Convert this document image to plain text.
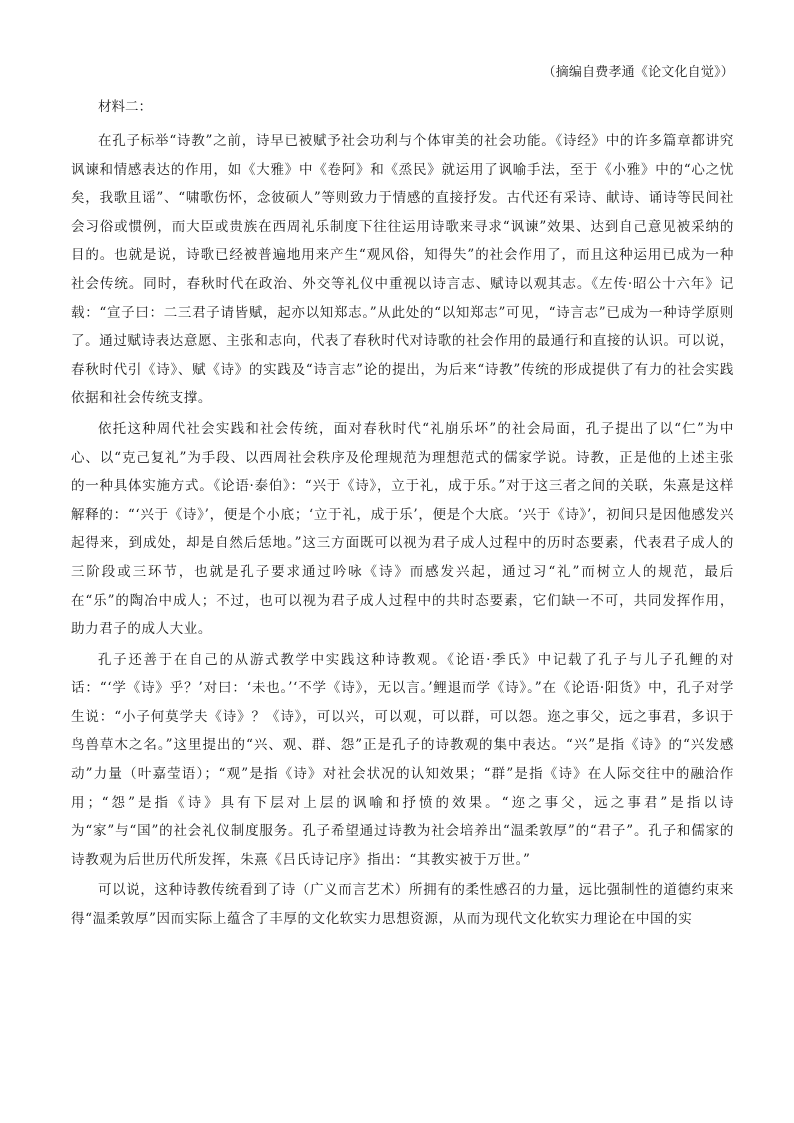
（摘编自费孝通《论文化自觉》）

材料二：

在孔子标举“诗教”之前，诗早已被赋予社会功利与个体审美的社会功能。《诗经》中的许多篇章都讲究讽谏和情感表达的作用，如《大雅》中《卷阿》和《烝民》就运用了讽喻手法，至于《小雅》中的“心之忧矣，我歌且谣”、“啸歌伤怀，念彼硕人”等则致力于情感的直接抒发。古代还有采诗、献诗、诵诗等民间社会习俗或惯例，而大臣或贵族在西周礼乐制度下往往运用诗歌来寻求“讽谏”效果、达到自己意见被采纳的目的。也就是说，诗歌已经被普遍地用来产生“观风俗，知得失”的社会作用了，而且这种运用已成为一种社会传统。同时，春秋时代在政治、外交等礼仪中重视以诗言志、赋诗以观其志。《左传·昭公十六年》记载：“宣子曰：二三君子请皆赋，起亦以知郑志。”从此处的“以知郑志”可见，“诗言志”已成为一种诗学原则了。通过赋诗表达意愿、主张和志向，代表了春秋时代对诗歌的社会作用的最通行和直接的认识。可以说，春秋时代引《诗》、赋《诗》的实践及“诗言志”论的提出，为后来“诗教”传统的形成提供了有力的社会实践依据和社会传统支撑。

依托这种周代社会实践和社会传统，面对春秋时代“礼崩乐坏”的社会局面，孔子提出了以“仁”为中心、以“克己复礼”为手段、以西周社会秩序及伦理规范为理想范式的儒家学说。诗教，正是他的上述主张的一种具体实施方式。《论语·泰伯》：“兴于《诗》，立于礼，成于乐。”对于这三者之间的关联，朱熹是这样解释的：“‘兴于《诗》’，便是个小底；‘立于礼，成于乐’，便是个大底。‘兴于《诗》’，初间只是因他感发兴起得来，到成处，却是自然后恁地。”这三方面既可以视为君子成人过程中的历时态要素，代表君子成人的三阶段或三环节，也就是孔子要求通过吟咏《诗》而感发兴起，通过习“礼”而树立人的规范，最后在“乐”的陶冶中成人；不过，也可以视为君子成人过程中的共时态要素，它们缺一不可，共同发挥作用，助力君子的成人大业。

孔子还善于在自己的从游式教学中实践这种诗教观。《论语·季氏》中记载了孔子与儿子孔鲤的对话：“‘学《诗》乎？’对曰：‘未也。’‘不学《诗》，无以言。’鲤退而学《诗》。”在《论语·阳货》中，孔子对学生说：“小子何莫学夫《诗》？《诗》，可以兴，可以观，可以群，可以怨。迩之事父，远之事君，多识于鸟兽草木之名。”这里提出的“兴、观、群、怨”正是孔子的诗教观的集中表达。“兴”是指《诗》的“兴发感动”力量（叶嘉莹语）；“观”是指《诗》对社会状况的认知效果；“群”是指《诗》在人际交往中的融洽作用；“怨”是指《诗》具有下层对上层的讽喻和抒愤的效果。“迩之事父，远之事君”是指以诗为“家”与“国”的社会礼仪制度服务。孔子希望通过诗教为社会培养出“温柔敦厚”的“君子”。孔子和儒家的诗教观为后世历代所发挥，朱熹《吕氏诗记序》指出：“其教实被于万世。”

可以说，这种诗教传统看到了诗（广义而言艺术）所拥有的柔性感召的力量，远比强制性的道德约束来得“温柔敦厚”因而实际上蕴含了丰厚的文化软实力思想资源，从而为现代文化软实力理论在中国的实
